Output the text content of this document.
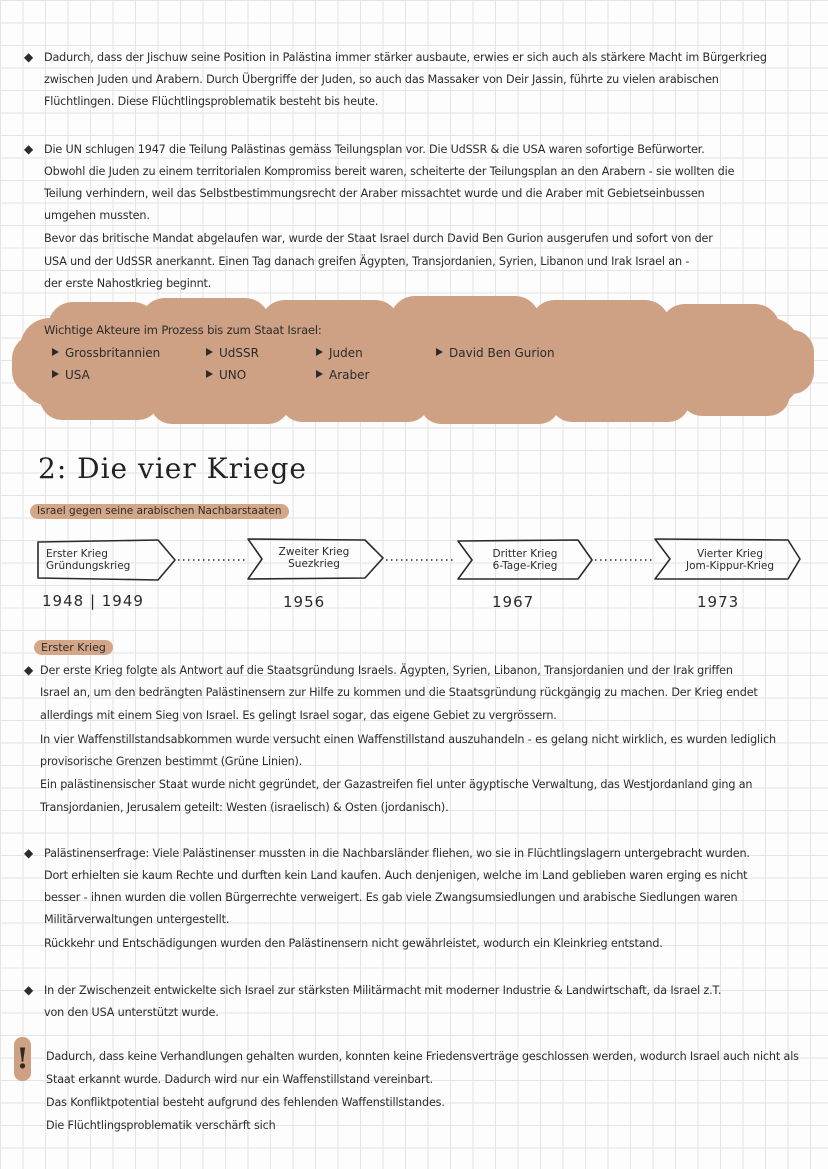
◆ Dadurch, dass der Jischuw seine Position in Palästina immer stärker ausbaute, erwies er sich auch als stärkere Macht im Bürgerkrieg
zwischen Juden und Arabern. Durch Übergriffe der Juden, so auch das Massaker von Deir Jassin, führte zu vielen arabischen
Flüchtlingen. Diese Flüchtlingsproblematik besteht bis heute.
◆ Die UN schlugen 1947 die Teilung Palästinas gemäss Teilungsplan vor. Die UdSSR & die USA waren sofortige Befürworter.
Obwohl die Juden zu einem territorialen Kompromiss bereit waren, scheiterte der Teilungsplan an den Arabern - sie wollten die
Teilung verhindern, weil das Selbstbestimmungsrecht der Araber missachtet wurde und die Araber mit Gebietseinbussen
umgehen mussten.
Bevor das britische Mandat abgelaufen war, wurde der Staat Israel durch David Ben Gurion ausgerufen und sofort von der
USA und der UdSSR anerkannt. Einen Tag danach greifen Ägypten, Transjordanien, Syrien, Libanon und Irak Israel an -
der erste Nahostkrieg beginnt.
Wichtige Akteure im Prozess bis zum Staat Israel:
Grossbritannien
USA
UdSSR
UNO
Juden
Araber
David Ben Gurion
2: Die vier Kriege
Israel gegen seine arabischen Nachbarstaaten
Erster Krieg
Gründungskrieg
Zweiter Krieg
Suezkrieg
Dritter Krieg
6-Tage-Krieg
Vierter Krieg
Jom-Kippur-Krieg
1948 | 1949	1956	1967	1973
Erster Krieg
◆ Der erste Krieg folgte als Antwort auf die Staatsgründung Israels. Ägypten, Syrien, Libanon, Transjordanien und der Irak griffen
Israel an, um den bedrängten Palästinensern zur Hilfe zu kommen und die Staatsgründung rückgängig zu machen. Der Krieg endet
allerdings mit einem Sieg von Israel. Es gelingt Israel sogar, das eigene Gebiet zu vergrössern.
In vier Waffenstillstandsabkommen wurde versucht einen Waffenstillstand auszuhandeln - es gelang nicht wirklich, es wurden lediglich
provisorische Grenzen bestimmt (Grüne Linien).
Ein palästinensischer Staat wurde nicht gegründet, der Gazastreifen fiel unter ägyptische Verwaltung, das Westjordanland ging an
Transjordanien, Jerusalem geteilt: Westen (israelisch) & Osten (jordanisch).
◆ Palästinenserfrage: Viele Palästinenser mussten in die Nachbarsländer fliehen, wo sie in Flüchtlingslagern untergebracht wurden.
Dort erhielten sie kaum Rechte und durften kein Land kaufen. Auch denjenigen, welche im Land geblieben waren erging es nicht
besser - ihnen wurden die vollen Bürgerrechte verweigert. Es gab viele Zwangsumsiedlungen und arabische Siedlungen waren
Militärverwaltungen untergestellt.
Rückkehr und Entschädigungen wurden den Palästinensern nicht gewährleistet, wodurch ein Kleinkrieg entstand.
◆ In der Zwischenzeit entwickelte sich Israel zur stärksten Militärmacht mit moderner Industrie & Landwirtschaft, da Israel z.T.
von den USA unterstützt wurde.
! Dadurch, dass keine Verhandlungen gehalten wurden, konnten keine Friedensverträge geschlossen werden, wodurch Israel auch nicht als
Staat erkannt wurde. Dadurch wird nur ein Waffenstillstand vereinbart.
Das Konfliktpotential besteht aufgrund des fehlenden Waffenstillstandes.
Die Flüchtlingsproblematik verschärft sich
